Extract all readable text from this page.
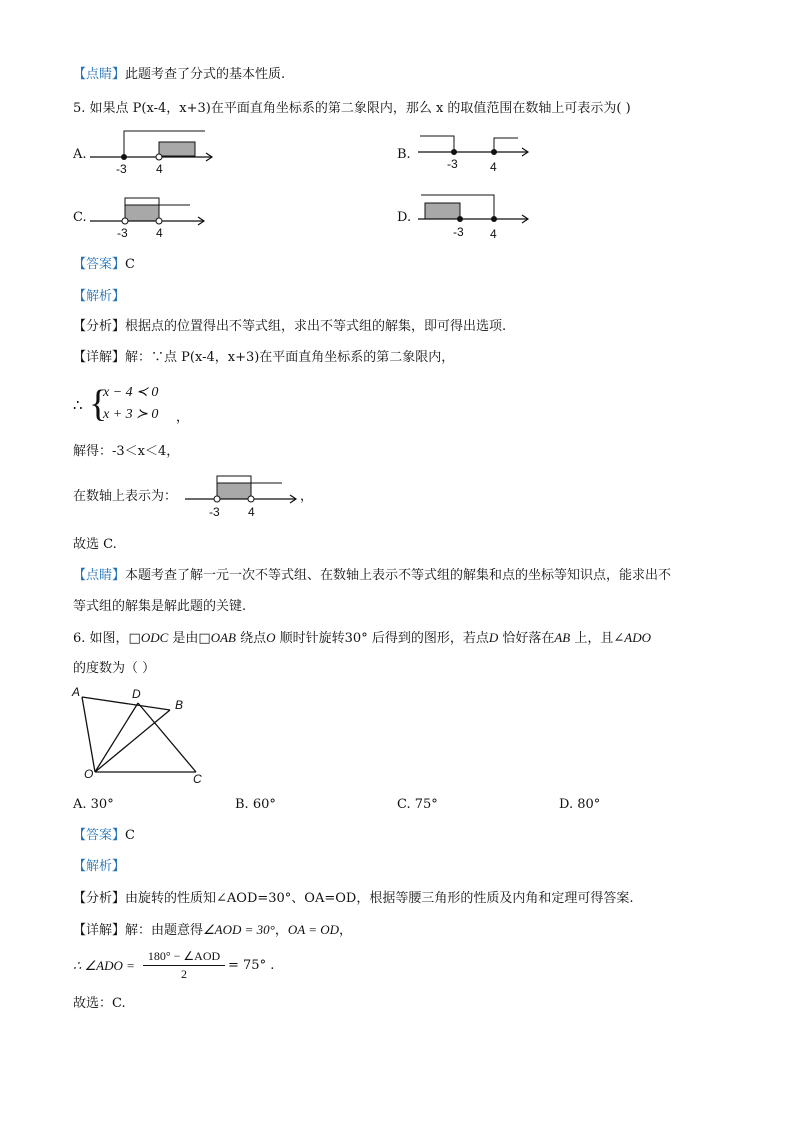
【点睛】此题考查了分式的基本性质.
5. 如果点 P(x-4，x+3)在平面直角坐标系的第二象限内，那么 x 的取值范围在数轴上可表示为( )
A.
-3 4
B.
-3	4
C.
-3 4
D.
-3 4
【答案】C
【解析】
【分析】根据点的位置得出不等式组，求出不等式组的解集，即可得出选项.
【详解】解：∵点 P(x-4，x+3)在平面直角坐标系的第二象限内，
∴ {
x − 4 ≺ 0
x + 3 ≻ 0 ，
解得：-3＜x＜4，
在数轴上表示为：
-3 4
，
故选 C.
【点睛】本题考查了解一元一次不等式组、在数轴上表示不等式组的解集和点的坐标等知识点，能求出不
等式组的解集是解此题的关键.
6. 如图，□ODC 是由□OAB 绕点O 顺时针旋转30° 后得到的图形，若点D 恰好落在AB 上，且∠ADO
的度数为（ ）
A	D
B
O	C
A. 30°	B. 60°	C. 75°	D. 80°
【答案】C
【解析】
【分析】由旋转的性质知∠AOD=30°、OA=OD，根据等腰三角形的性质及内角和定理可得答案.
【详解】解：由题意得∠AOD = 30°，OA = OD，
∴ ∠ADO =
180° − ∠AOD
2
= 75° .
故选：C.
